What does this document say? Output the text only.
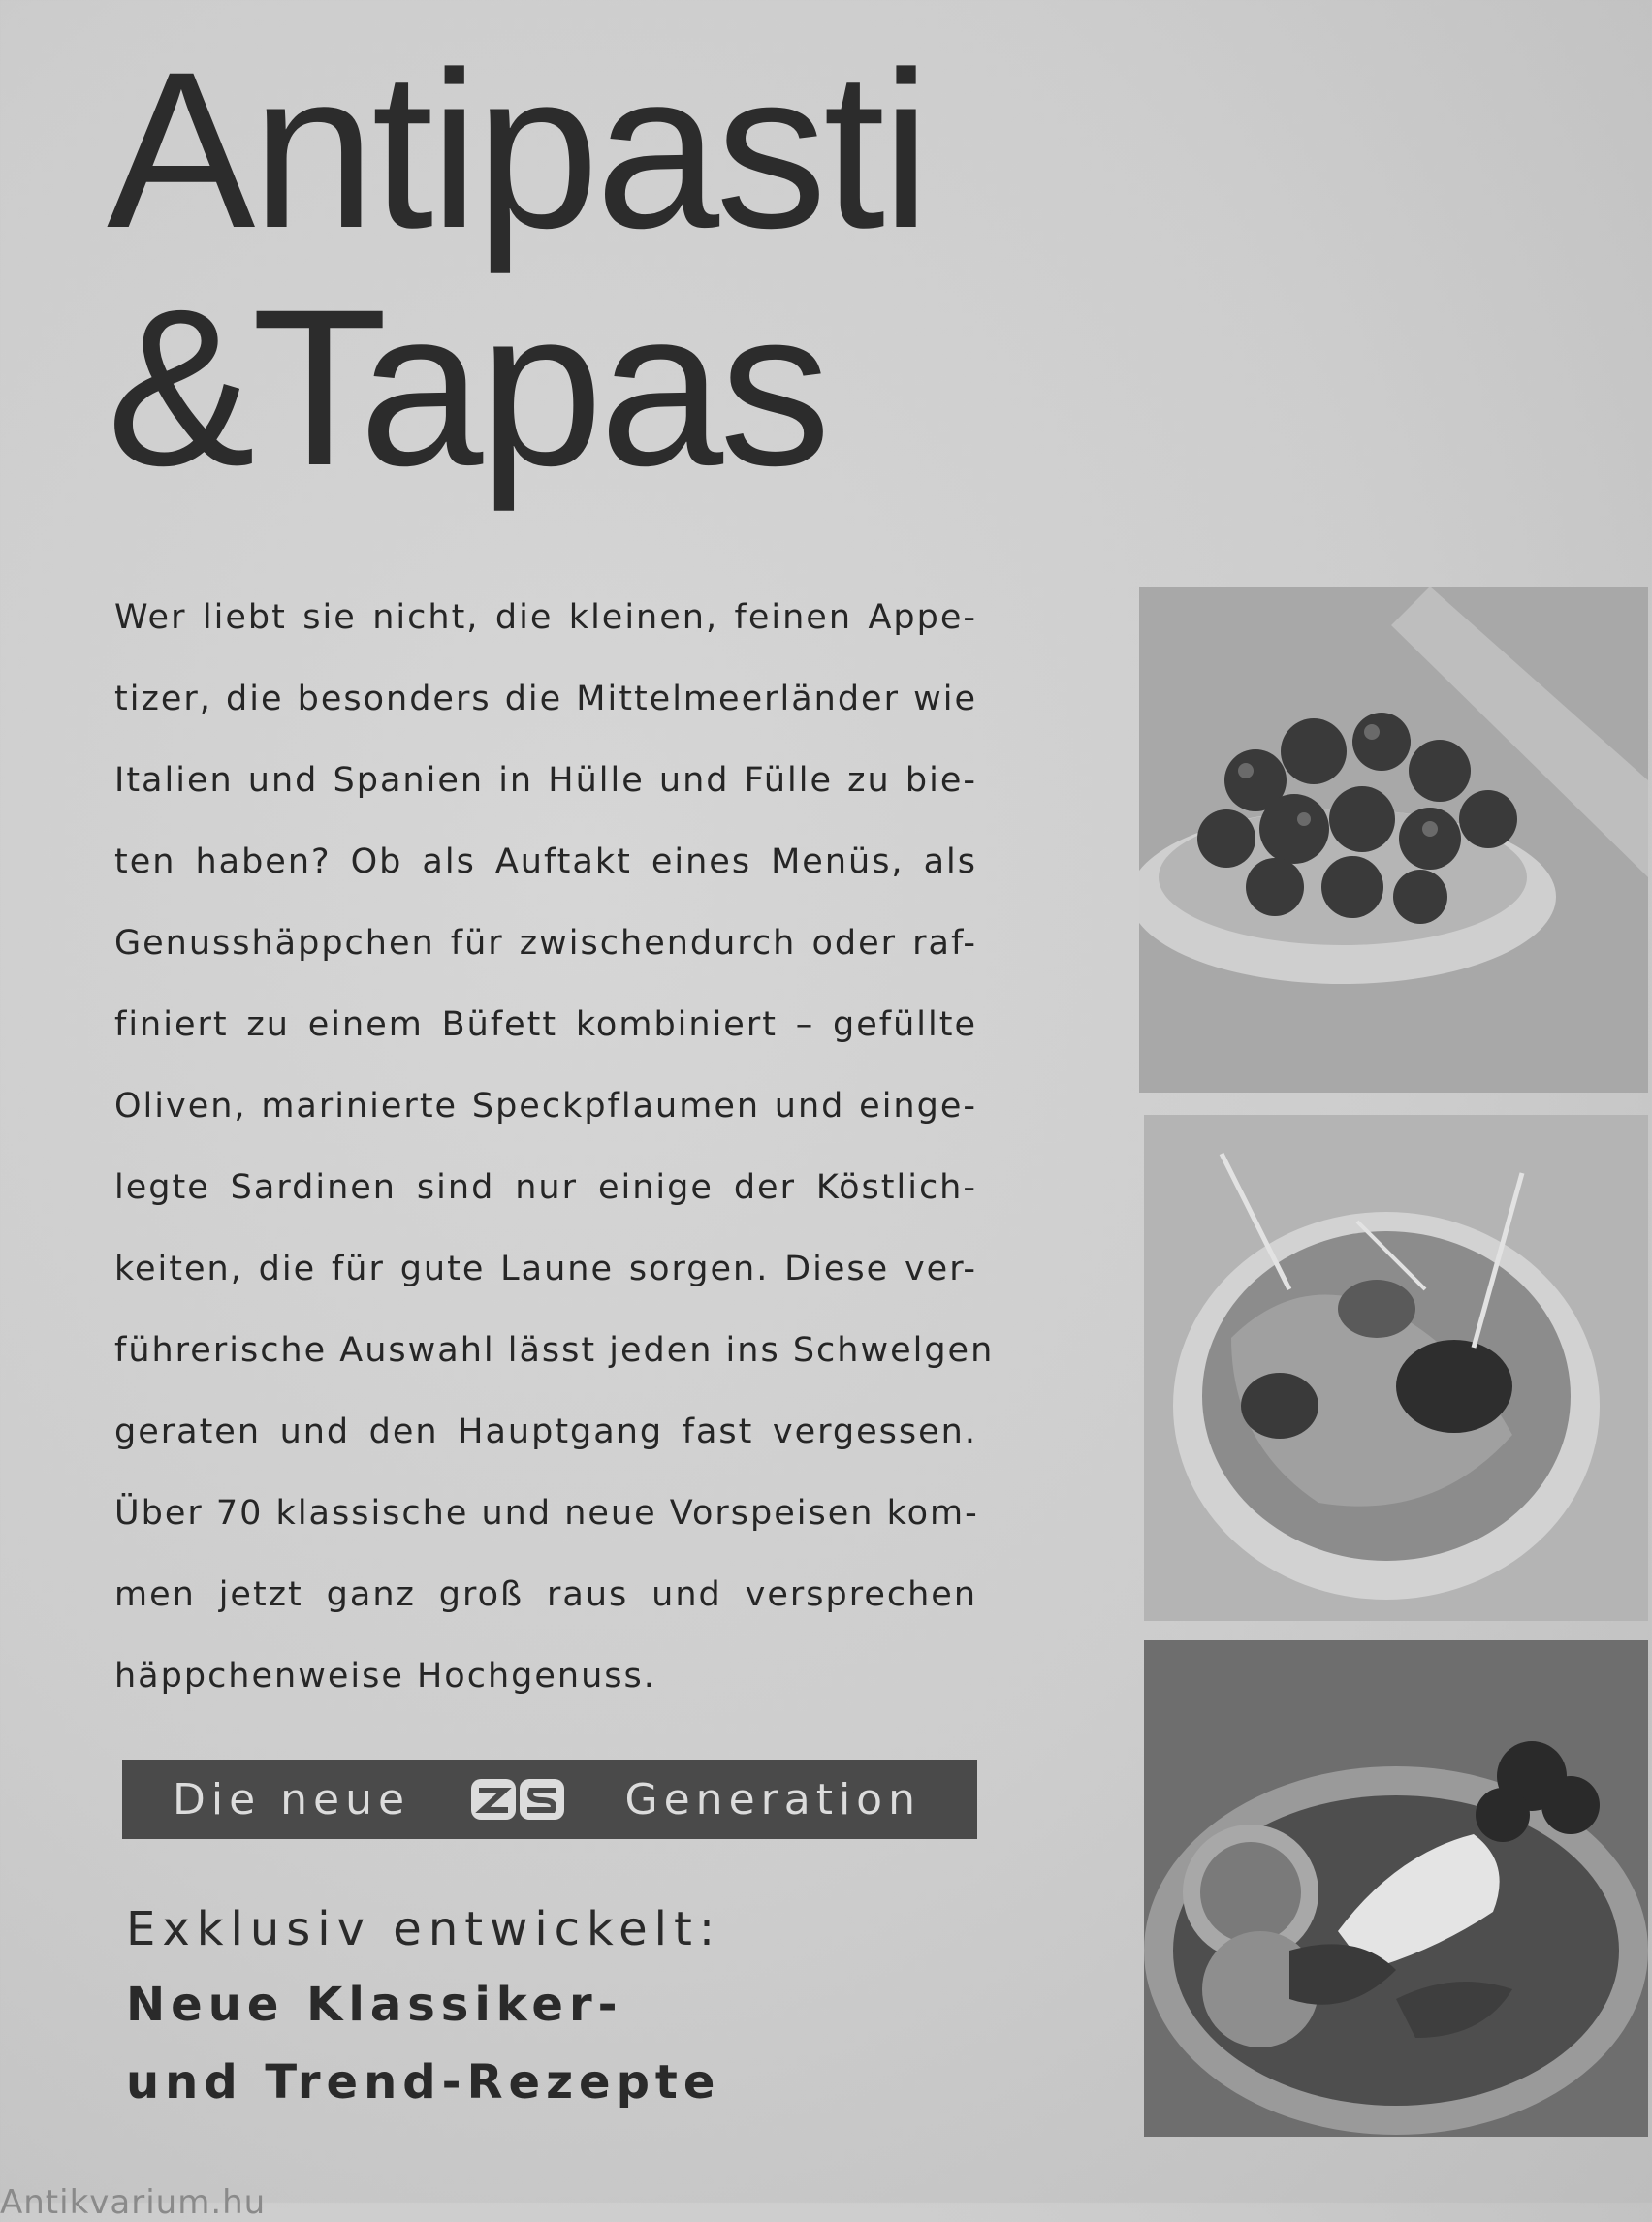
Antipasti
&Tapas
Wer liebt sie nicht, die kleinen, feinen Appe-
tizer, die besonders die Mittelmeerländer wie
Italien und Spanien in Hülle und Fülle zu bie-
ten haben? Ob als Auftakt eines Menüs, als
Genusshäppchen für zwischendurch oder raf-
finiert zu einem Büfett kombiniert – gefüllte
Oliven, marinierte Speckpflaumen und einge-
legte Sardinen sind nur einige der Köstlich-
keiten, die für gute Laune sorgen. Diese ver-
führerische Auswahl lässt jeden ins Schwelgen
geraten und den Hauptgang fast vergessen.
Über 70 klassische und neue Vorspeisen kom-
men jetzt ganz groß raus und versprechen
häppchenweise Hochgenuss.
Die neue	Generation
Exklusiv entwickelt:
Neue Klassiker-
und Trend-Rezepte
Antikvarium.hu
